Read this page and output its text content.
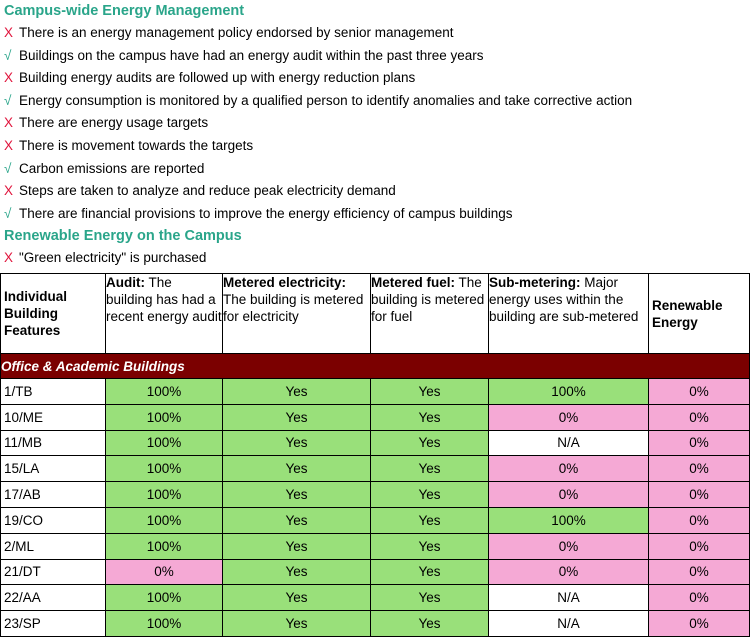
Campus-wide Energy Management
X There is an energy management policy endorsed by senior management
√ Buildings on the campus have had an energy audit within the past three years
X Building energy audits are followed up with energy reduction plans
√ Energy consumption is monitored by a qualified person to identify anomalies and take corrective action
X There are energy usage targets
X There is movement towards the targets
√ Carbon emissions are reported
X Steps are taken to analyze and reduce peak electricity demand
√ There are financial provisions to improve the energy efficiency of campus buildings
Renewable Energy on the Campus
X "Green electricity" is purchased
Individual Building Features	Audit: The building has had a recent energy audit	Metered electricity: The building is metered for electricity	Metered fuel: The building is metered for fuel	Sub-metering: Major energy uses within the building are sub-metered	Renewable Energy
Office & Academic Buildings					
1/TB	100%	Yes	Yes	100%	0%
10/ME	100%	Yes	Yes	0%	0%
11/MB	100%	Yes	Yes	N/A	0%
15/LA	100%	Yes	Yes	0%	0%
17/AB	100%	Yes	Yes	0%	0%
19/CO	100%	Yes	Yes	100%	0%
2/ML	100%	Yes	Yes	0%	0%
21/DT	0%	Yes	Yes	0%	0%
22/AA	100%	Yes	Yes	N/A	0%
23/SP	100%	Yes	Yes	N/A	0%
